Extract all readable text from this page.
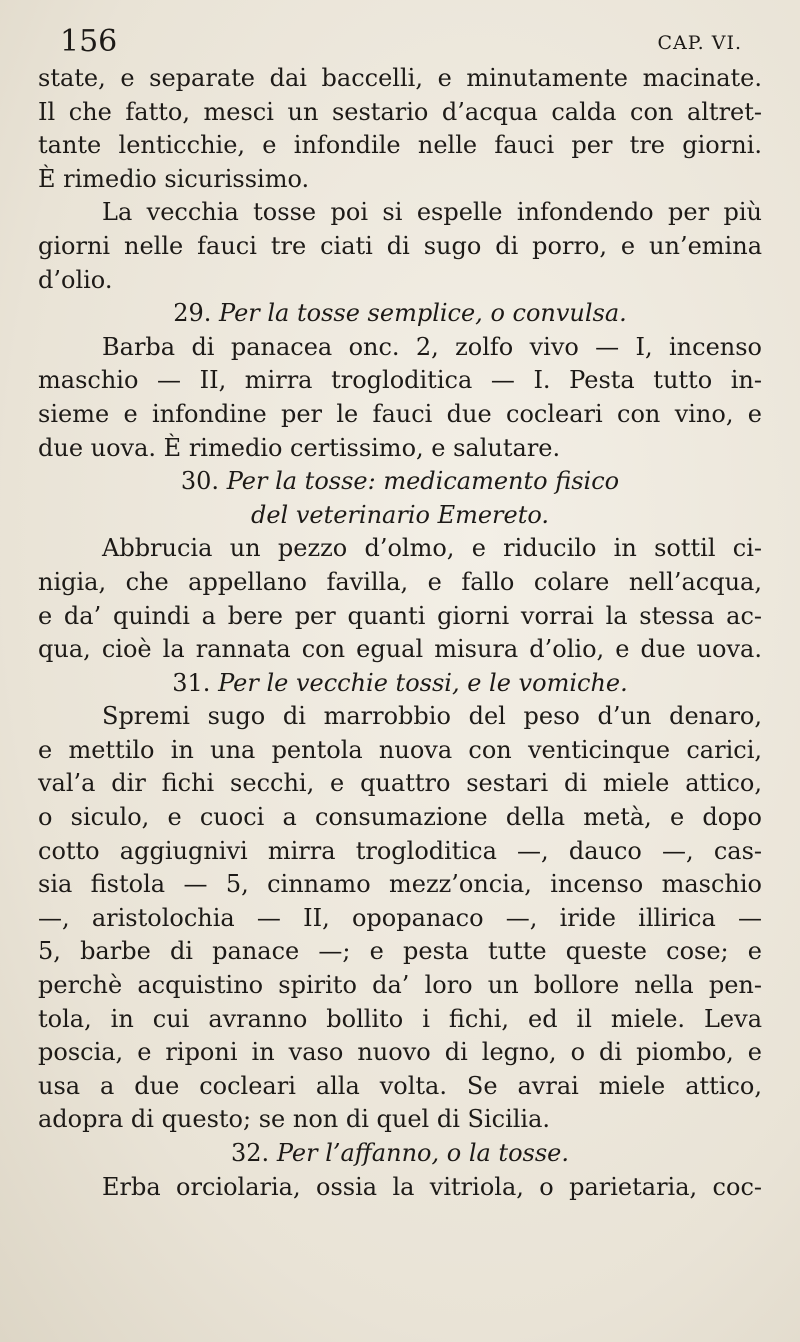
156	CAP. VI.

state, e separate dai baccelli, e minutamente macinate.

Il che fatto, mesci un sestario d’acqua calda con altret-

tante lenticchie, e infondile nelle fauci per tre giorni.

È rimedio sicurissimo.

La vecchia tosse poi si espelle infondendo per più

giorni nelle fauci tre ciati di sugo di porro, e un’emina

d’olio.

29. Per la tosse semplice, o convulsa.

Barba di panacea onc. 2, zolfo vivo — I, incenso

maschio — II, mirra trogloditica — I. Pesta tutto in-

sieme e infondine per le fauci due cocleari con vino, e

due uova. È rimedio certissimo, e salutare.

30. Per la tosse: medicamento fisico

del veterinario Emereto.

Abbrucia un pezzo d’olmo, e riducilo in sottil ci-

nigia, che appellano favilla, e fallo colare nell’acqua,

e da’ quindi a bere per quanti giorni vorrai la stessa ac-

qua, cioè la rannata con egual misura d’olio, e due uova.

31. Per le vecchie tossi, e le vomiche.

Spremi sugo di marrobbio del peso d’un denaro,

e mettilo in una pentola nuova con venticinque carici,

val’a dir fichi secchi, e quattro sestari di miele attico,

o siculo, e cuoci a consumazione della metà, e dopo

cotto aggiugnivi mirra trogloditica —, dauco —, cas-

sia fistola — 5, cinnamo mezz’oncia, incenso maschio

—, aristolochia — II, opopanaco —, iride illirica —

5, barbe di panace —; e pesta tutte queste cose; e

perchè acquistino spirito da’ loro un bollore nella pen-

tola, in cui avranno bollito i fichi, ed il miele. Leva

poscia, e riponi in vaso nuovo di legno, o di piombo, e

usa a due cocleari alla volta. Se avrai miele attico,

adopra di questo; se non di quel di Sicilia.

32. Per l’affanno, o la tosse.

Erba orciolaria, ossia la vitriola, o parietaria, coc-
